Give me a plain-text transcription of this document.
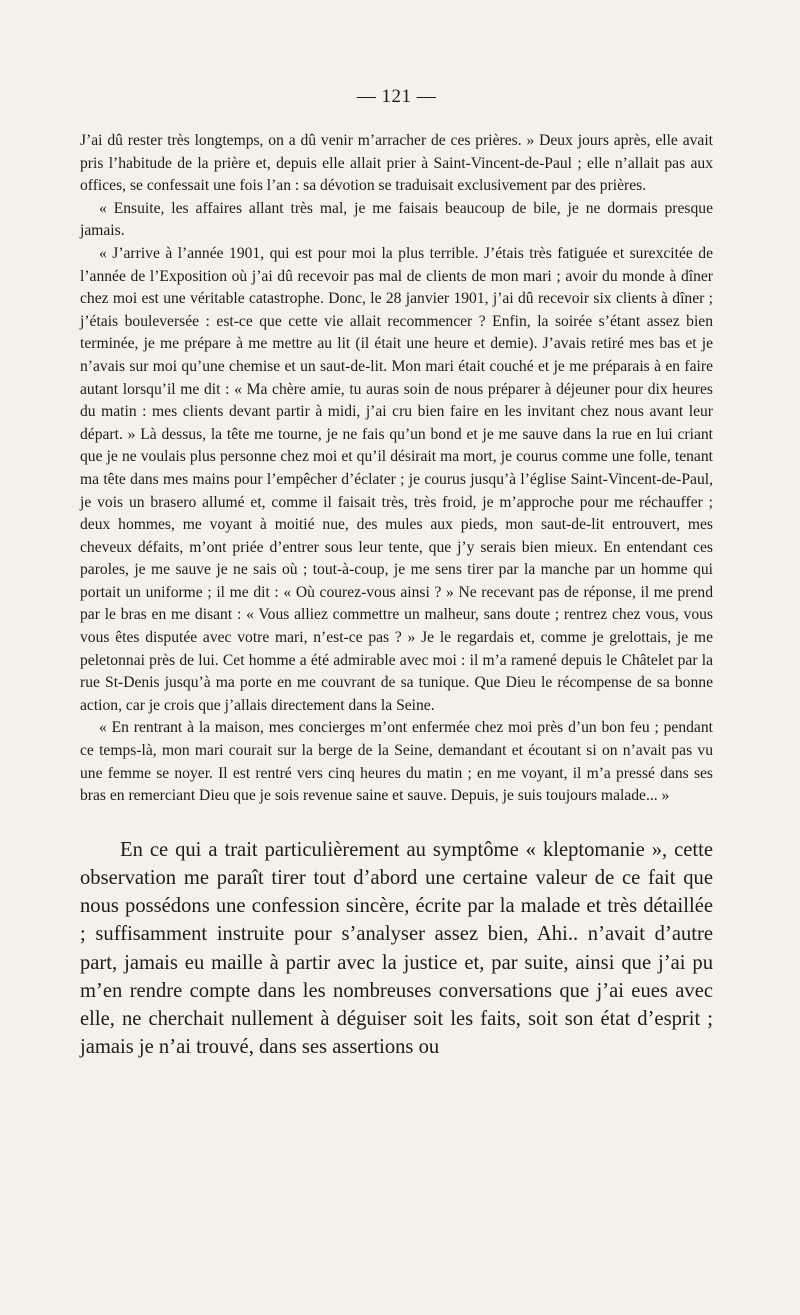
— 121 —

J’ai dû rester très longtemps, on a dû venir m’arracher de ces prières. » Deux jours après, elle avait pris l’habitude de la prière et, depuis elle allait prier à Saint-Vincent-de-Paul ; elle n’allait pas aux offices, se confessait une fois l’an : sa dévotion se traduisait exclusivement par des prières.

« Ensuite, les affaires allant très mal, je me faisais beaucoup de bile, je ne dormais presque jamais.

« J’arrive à l’année 1901, qui est pour moi la plus terrible. J’étais très fatiguée et surexcitée de l’année de l’Exposition où j’ai dû recevoir pas mal de clients de mon mari ; avoir du monde à dîner chez moi est une véritable catastrophe. Donc, le 28 janvier 1901, j’ai dû recevoir six clients à dîner ; j’étais bouleversée : est-ce que cette vie allait recommencer ? Enfin, la soirée s’étant assez bien terminée, je me prépare à me mettre au lit (il était une heure et demie). J’avais retiré mes bas et je n’avais sur moi qu’une chemise et un saut-de-lit. Mon mari était couché et je me préparais à en faire autant lorsqu’il me dit : « Ma chère amie, tu auras soin de nous préparer à déjeuner pour dix heures du matin : mes clients devant partir à midi, j’ai cru bien faire en les invitant chez nous avant leur départ. » Là dessus, la tête me tourne, je ne fais qu’un bond et je me sauve dans la rue en lui criant que je ne voulais plus personne chez moi et qu’il désirait ma mort, je courus comme une folle, tenant ma tête dans mes mains pour l’empêcher d’éclater ; je courus jusqu’à l’église Saint-Vincent-de-Paul, je vois un brasero allumé et, comme il faisait très, très froid, je m’approche pour me réchauffer ; deux hommes, me voyant à moitié nue, des mules aux pieds, mon saut-de-lit entrouvert, mes cheveux défaits, m’ont priée d’entrer sous leur tente, que j’y serais bien mieux. En entendant ces paroles, je me sauve je ne sais où ; tout-à-coup, je me sens tirer par la manche par un homme qui portait un uniforme ; il me dit : « Où courez-vous ainsi ? » Ne recevant pas de réponse, il me prend par le bras en me disant : « Vous alliez commettre un malheur, sans doute ; rentrez chez vous, vous vous êtes disputée avec votre mari, n’est-ce pas ? » Je le regardais et, comme je grelottais, je me peletonnai près de lui. Cet homme a été admirable avec moi : il m’a ramené depuis le Châtelet par la rue St-Denis jusqu’à ma porte en me couvrant de sa tunique. Que Dieu le récompense de sa bonne action, car je crois que j’allais directement dans la Seine.

« En rentrant à la maison, mes concierges m’ont enfermée chez moi près d’un bon feu ; pendant ce temps-là, mon mari courait sur la berge de la Seine, demandant et écoutant si on n’avait pas vu une femme se noyer. Il est rentré vers cinq heures du matin ; en me voyant, il m’a pressé dans ses bras en remerciant Dieu que je sois revenue saine et sauve. Depuis, je suis toujours malade... »

En ce qui a trait particulièrement au symptôme « kleptomanie », cette observation me paraît tirer tout d’abord une certaine valeur de ce fait que nous possédons une confession sincère, écrite par la malade et très détaillée ; suffisamment instruite pour s’analyser assez bien, Ahi.. n’avait d’autre part, jamais eu maille à partir avec la justice et, par suite, ainsi que j’ai pu m’en rendre compte dans les nombreuses conversations que j’ai eues avec elle, ne cherchait nullement à déguiser soit les faits, soit son état d’esprit ; jamais je n’ai trouvé, dans ses assertions ou
